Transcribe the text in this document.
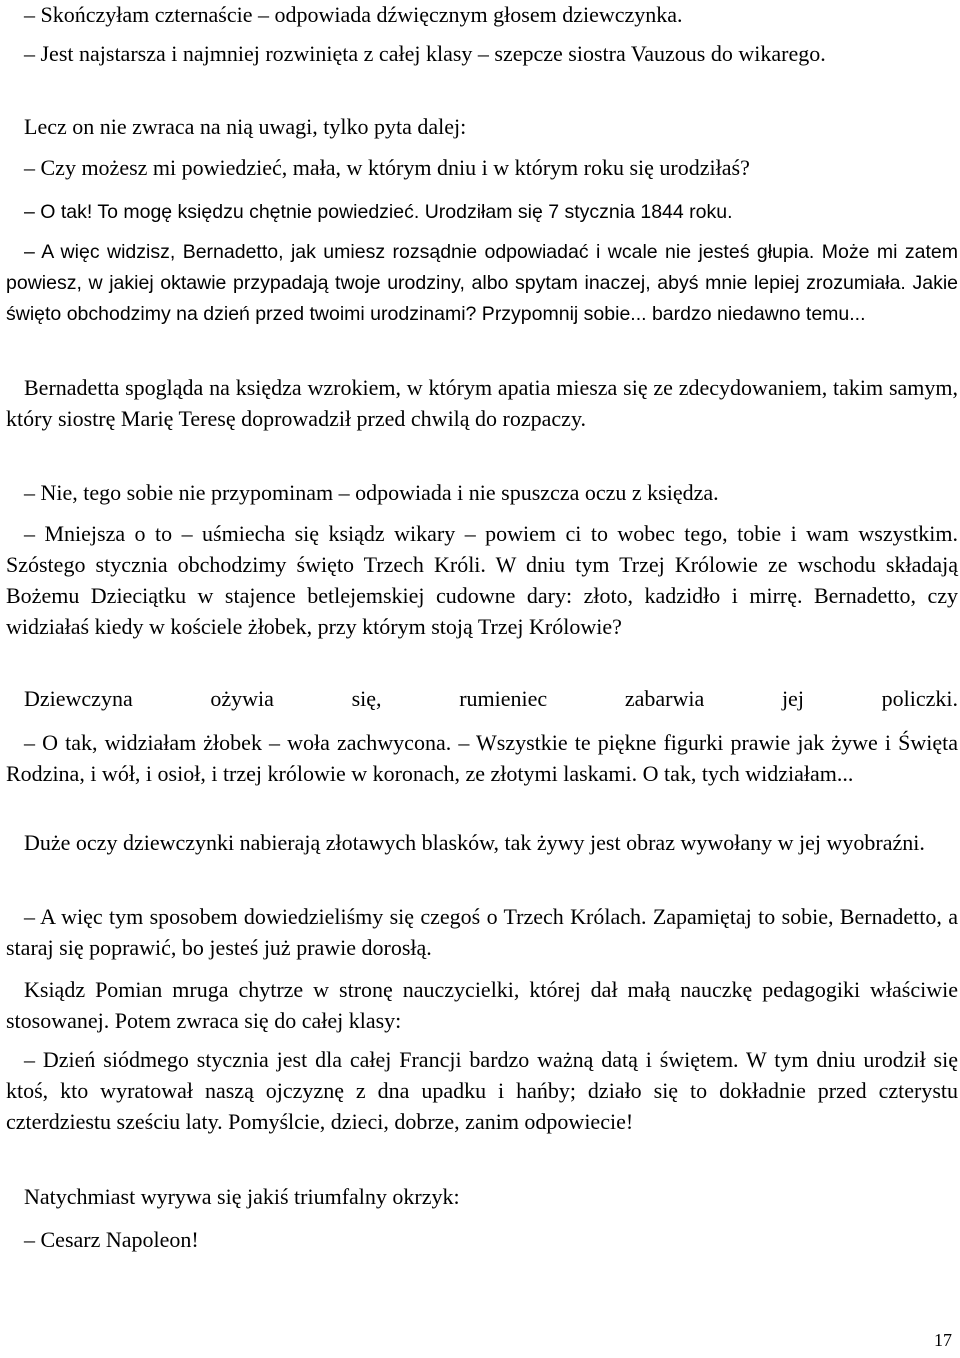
– Skończyłam czternaście – odpowiada dźwięcznym głosem dziewczynka.

– Jest najstarsza i najmniej rozwinięta z całej klasy – szepcze siostra Vauzous do wikarego.

Lecz on nie zwraca na nią uwagi, tylko pyta dalej:

– Czy możesz mi powiedzieć, mała, w którym dniu i w którym roku się urodziłaś?

– O tak! To mogę księdzu chętnie powiedzieć. Urodziłam się 7 stycznia 1844 roku.

– A więc widzisz, Bernadetto, jak umiesz rozsądnie odpowiadać i wcale nie jesteś głupia. Może mi zatem powiesz, w jakiej oktawie przypadają twoje urodziny, albo spytam inaczej, abyś mnie lepiej zrozumiała. Jakie święto obchodzimy na dzień przed twoimi urodzinami? Przypomnij sobie... bardzo niedawno temu...

Bernadetta spogląda na księdza wzrokiem, w którym apatia miesza się ze zdecydowaniem, takim samym, który siostrę Marię Teresę doprowadził przed chwilą do rozpaczy.

– Nie, tego sobie nie przypominam – odpowiada i nie spuszcza oczu z księdza.

– Mniejsza o to – uśmiecha się ksiądz wikary – powiem ci to wobec tego, tobie i wam wszystkim. Szóstego stycznia obchodzimy święto Trzech Króli. W dniu tym Trzej Królowie ze wschodu składają Bożemu Dzieciątku w stajence betlejemskiej cudowne dary: złoto, kadzidło i mirrę. Bernadetto, czy widziałaś kiedy w kościele żłobek, przy którym stoją Trzej Królowie?

Dziewczyna ożywia się, rumieniec zabarwia jej policzki.

– O tak, widziałam żłobek – woła zachwycona. – Wszystkie te piękne figurki prawie jak żywe i Święta Rodzina, i wół, i osioł, i trzej królowie w koronach, ze złotymi laskami. O tak, tych widziałam...

Duże oczy dziewczynki nabierają złotawych blasków, tak żywy jest obraz wywołany w jej wyobraźni.

– A więc tym sposobem dowiedzieliśmy się czegoś o Trzech Królach. Zapamiętaj to sobie, Bernadetto, a staraj się poprawić, bo jesteś już prawie dorosłą.

Ksiądz Pomian mruga chytrze w stronę nauczycielki, której dał małą nauczkę pedagogiki właściwie stosowanej. Potem zwraca się do całej klasy:

– Dzień siódmego stycznia jest dla całej Francji bardzo ważną datą i świętem. W tym dniu urodził się ktoś, kto wyratował naszą ojczyznę z dna upadku i hańby; działo się to dokładnie przed czterystu czterdziestu sześciu laty. Pomyślcie, dzieci, dobrze, zanim odpowiecie!

Natychmiast wyrywa się jakiś triumfalny okrzyk:

– Cesarz Napoleon!

17
